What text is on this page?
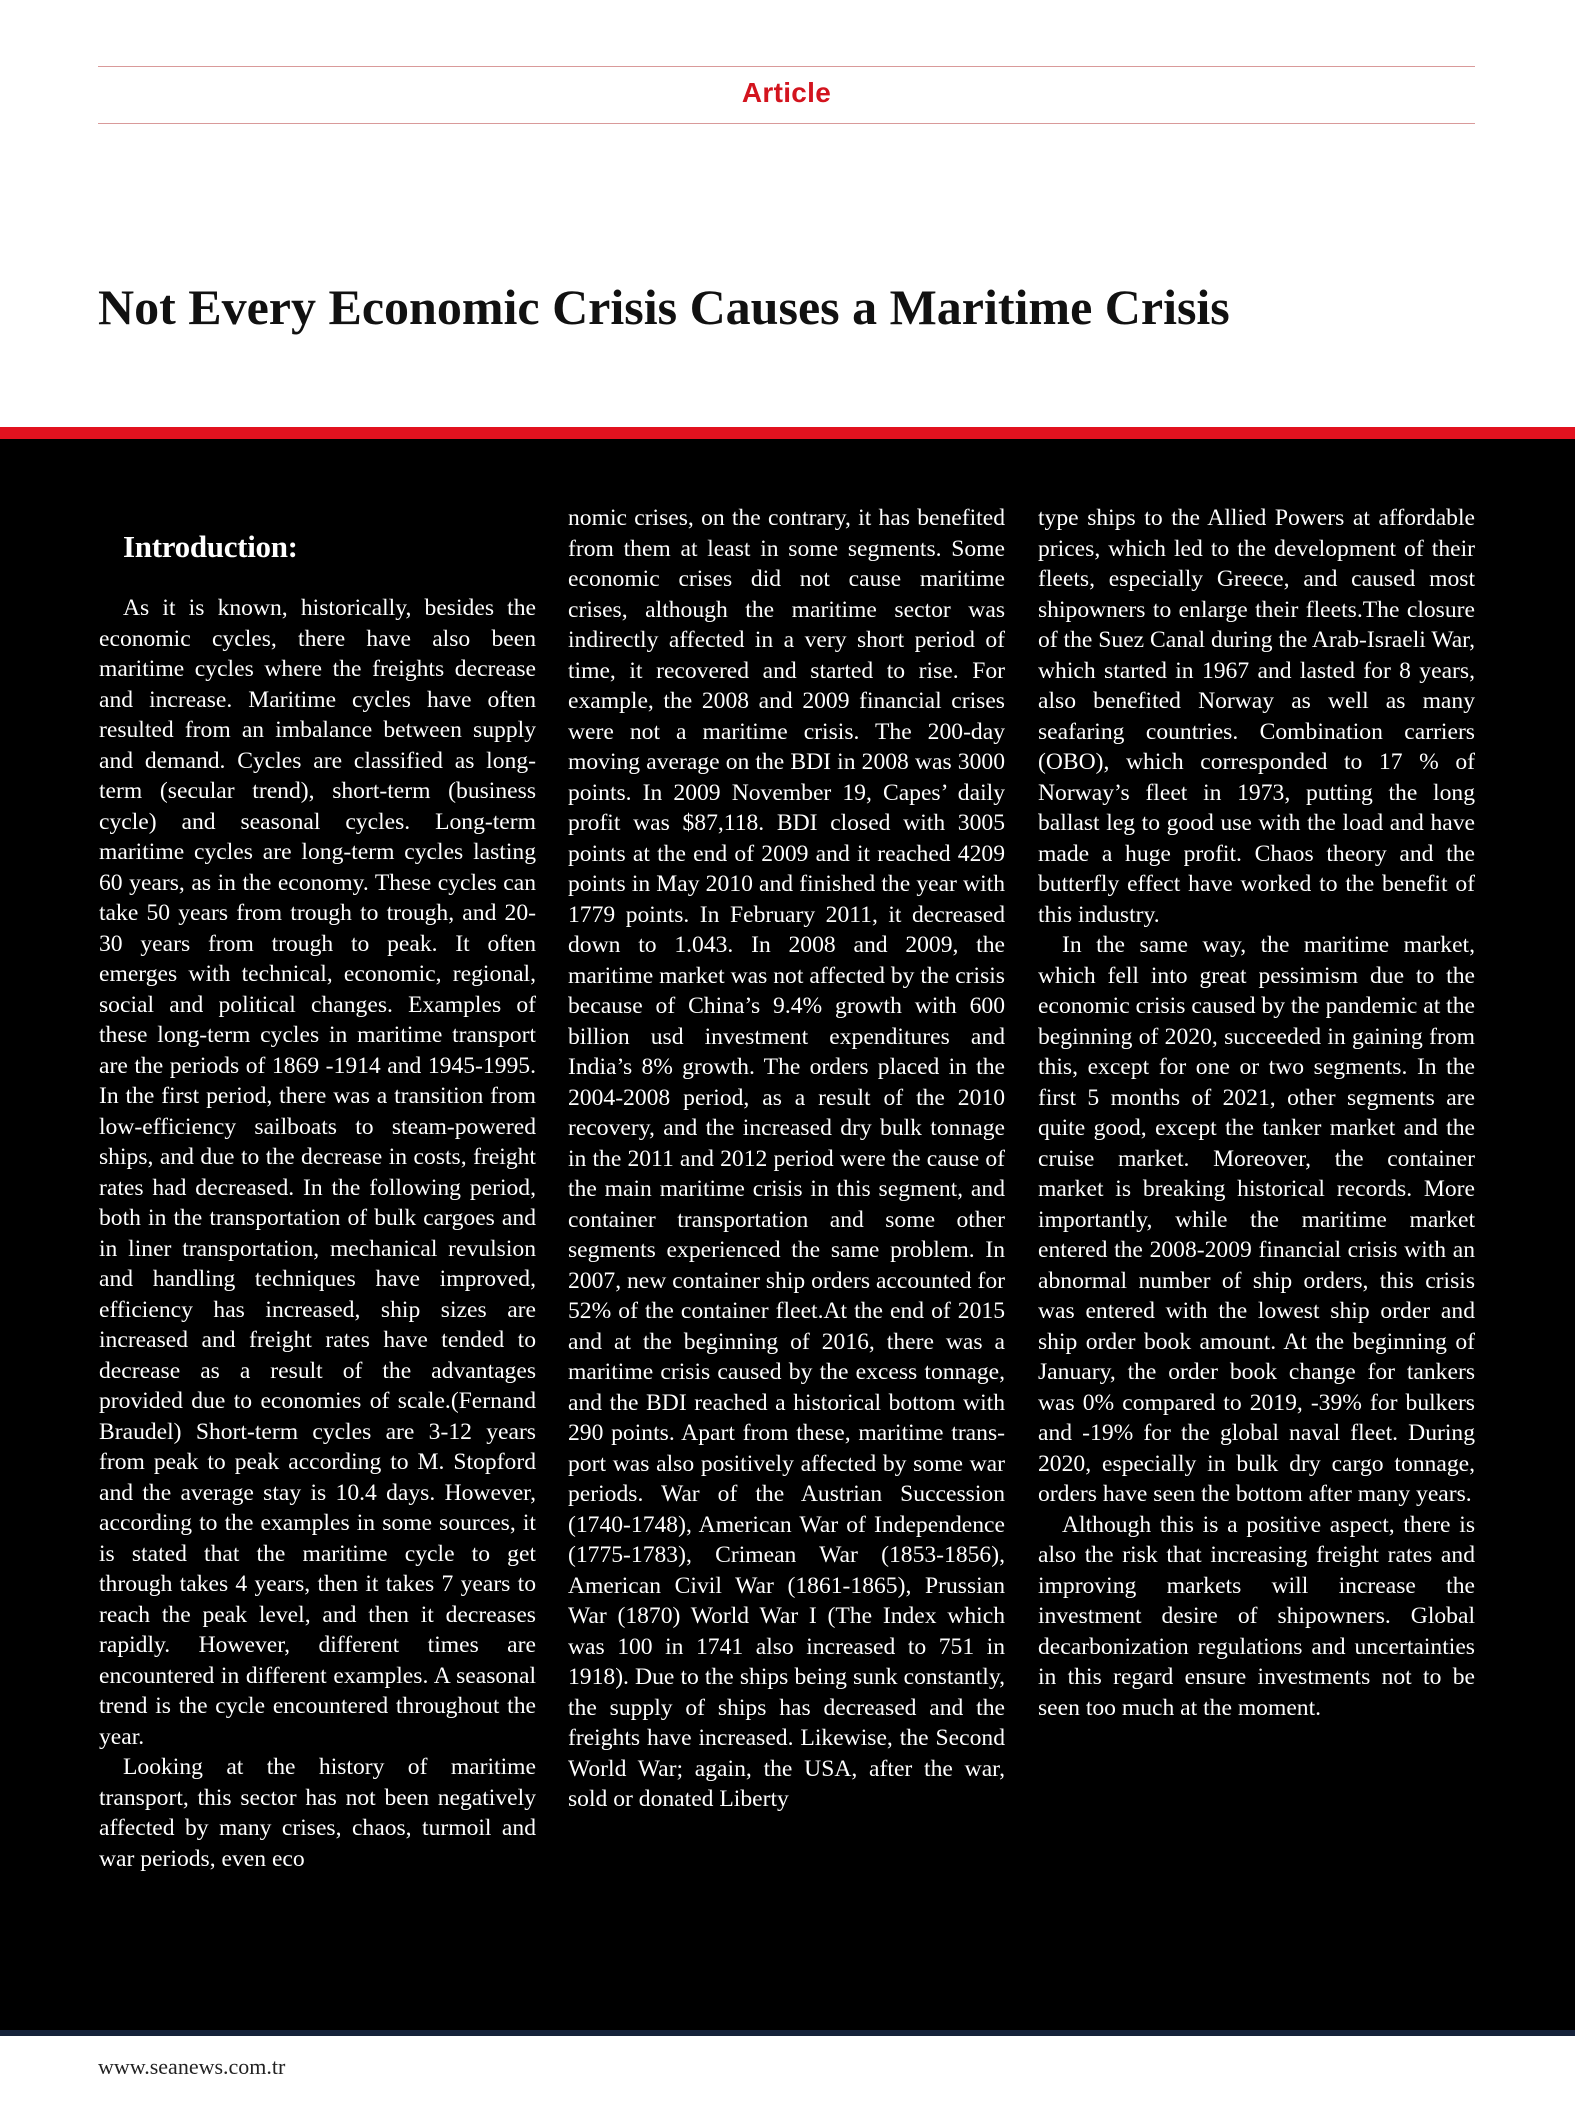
Article
Not Every Economic Crisis Causes a Maritime Crisis
Introduction:

As it is known, historically, besides the economic cycles, there have also been maritime cycles where the freights decrease and increase. Maritime cycles have often resulted from an imbalance between supply and demand. Cycles are classified as long-term (secular trend), short-term (business cycle) and seasonal cycles. Long-term maritime cycles are long-term cycles lasting 60 years, as in the economy. These cycles can take 50 years from trough to trough, and 20-30 years from trough to peak. It often emerges with technical, economic, regional, social and political changes. Examples of these long-term cycles in maritime transport are the periods of 1869 -1914 and 1945-1995. In the first period, there was a transition from low-efficiency sailboats to steam-powered ships, and due to the decrease in costs, freight rates had decreased. In the following period, both in the transportation of bulk cargoes and in liner transportation, mechanical revulsion and handling techniques have improved, efficiency has increased, ship sizes are increased and freight rates have tended to decrease as a result of the advantages provided due to economies of scale.(Fernand Braudel) Short-term cycles are 3-12 years from peak to peak according to M. Stopford and the average stay is 10.4 days. However, according to the examples in some sources, it is stated that the maritime cycle to get through takes 4 years, then it takes 7 years to reach the peak level, and then it decreases rapidly. However, different times are encountered in different examples. A seasonal trend is the cycle encountered throughout the year.

Looking at the history of maritime transport, this sector has not been negatively affected by many crises, chaos, turmoil and war periods, even eco

nomic crises, on the contrary, it has benefited from them at least in some segments. Some economic crises did not cause maritime crises, although the maritime sector was indirectly affected in a very short period of time, it recovered and started to rise. For example, the 2008 and 2009 financial crises were not a maritime crisis. The 200-day moving average on the BDI in 2008 was 3000 points. In 2009 November 19, Capes’ daily profit was $87,118. BDI closed with 3005 points at the end of 2009 and it reached 4209 points in May 2010 and finished the year with 1779 points. In February 2011, it decreased down to 1.043. In 2008 and 2009, the maritime market was not affected by the crisis because of China’s 9.4% growth with 600 billion usd investment expenditures and India’s 8% growth. The orders placed in the 2004-2008 period, as a result of the 2010 recovery, and the increased dry bulk tonnage in the 2011 and 2012 period were the cause of the main maritime crisis in this segment, and container transportation and some other segments experienced the same problem. In 2007, new container ship orders accounted for 52% of the container fleet.At the end of 2015 and at the beginning of 2016, there was a maritime crisis caused by the excess tonnage, and the BDI reached a historical bottom with 290 points. Apart from these, maritime transport was also positively affected by some war periods. War of the Austrian Succession (1740-1748), American War of Independence (1775-1783), Crimean War (1853-1856), American Civil War (1861-1865), Prussian War (1870) World War I (The Index which was 100 in 1741 also increased to 751 in 1918). Due to the ships being sunk constantly, the supply of ships has decreased and the freights have increased. Likewise, the Second World War; again, the USA, after the war, sold or donated Liberty

type ships to the Allied Powers at affordable prices, which led to the development of their fleets, especially Greece, and caused most shipowners to enlarge their fleets.The closure of the Suez Canal during the Arab-Israeli War, which started in 1967 and lasted for 8 years, also benefited Norway as well as many seafaring countries. Combination carriers (OBO), which corresponded to 17 % of Norway’s fleet in 1973, putting the long ballast leg to good use with the load and have made a huge profit. Chaos theory and the butterfly effect have worked to the benefit of this industry.

In the same way, the maritime market, which fell into great pessimism due to the economic crisis caused by the pandemic at the beginning of 2020, succeeded in gaining from this, except for one or two segments. In the first 5 months of 2021, other segments are quite good, except the tanker market and the cruise market. Moreover, the container market is breaking historical records. More importantly, while the maritime market entered the 2008-2009 financial crisis with an abnormal number of ship orders, this crisis was entered with the lowest ship order and ship order book amount. At the beginning of January, the order book change for tankers was 0% compared to 2019, -39% for bulkers and -19% for the global naval fleet. During 2020, especially in bulk dry cargo tonnage, orders have seen the bottom after many years.

Although this is a positive aspect, there is also the risk that increasing freight rates and improving markets will increase the investment desire of shipowners. Global decarbonization regulations and uncertainties in this regard ensure investments not to be seen too much at the moment.

www.seanews.com.tr
